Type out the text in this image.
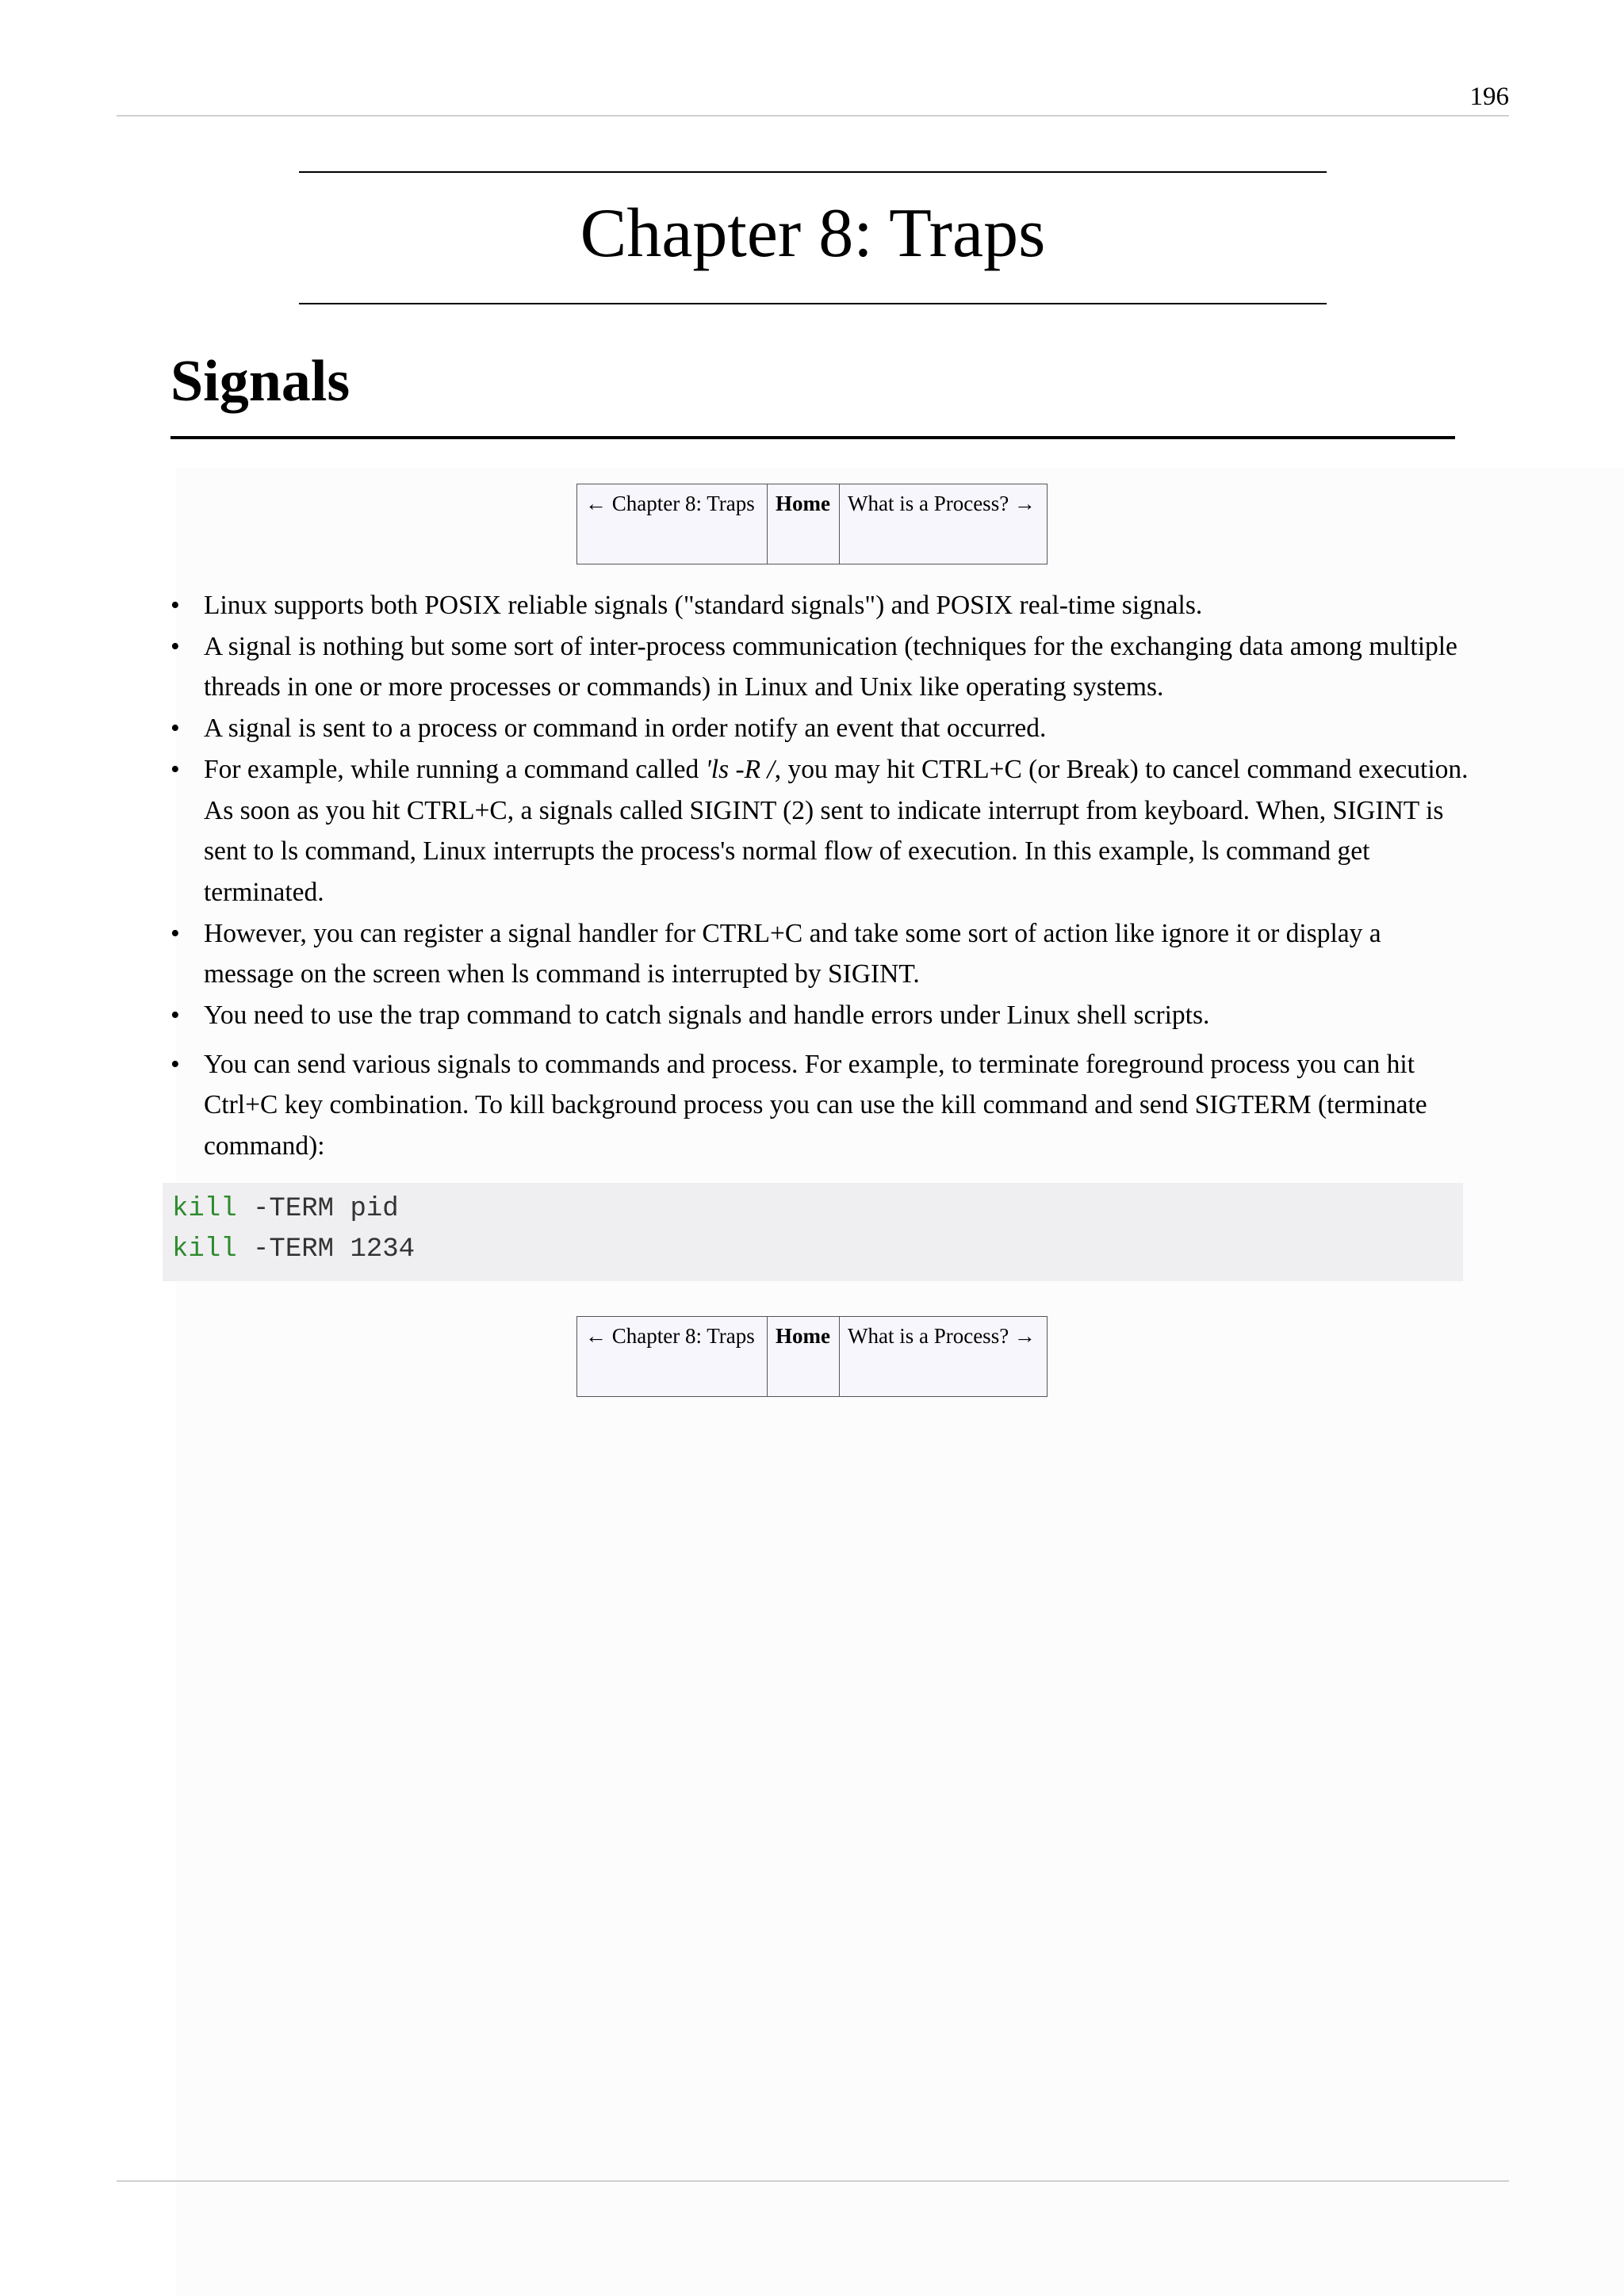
196
Chapter 8: Traps
Signals
← Chapter 8: Traps Home What is a Process? →
• Linux supports both POSIX reliable signals ("standard signals") and POSIX real-time signals.
• A signal is nothing but some sort of inter-process communication (techniques for the exchanging data among multiple threads in one or more processes or commands) in Linux and Unix like operating systems.
• A signal is sent to a process or command in order notify an event that occurred.
• For example, while running a command called 'ls -R /, you may hit CTRL+C (or Break) to cancel command execution. As soon as you hit CTRL+C, a signals called SIGINT (2) sent to indicate interrupt from keyboard. When, SIGINT is sent to ls command, Linux interrupts the process's normal flow of execution. In this example, ls command get terminated.
• However, you can register a signal handler for CTRL+C and take some sort of action like ignore it or display a message on the screen when ls command is interrupted by SIGINT.
• You need to use the trap command to catch signals and handle errors under Linux shell scripts.
• You can send various signals to commands and process. For example, to terminate foreground process you can hit Ctrl+C key combination. To kill background process you can use the kill command and send SIGTERM (terminate command):
kill -TERM pid
kill -TERM 1234
← Chapter 8: Traps Home What is a Process? →
